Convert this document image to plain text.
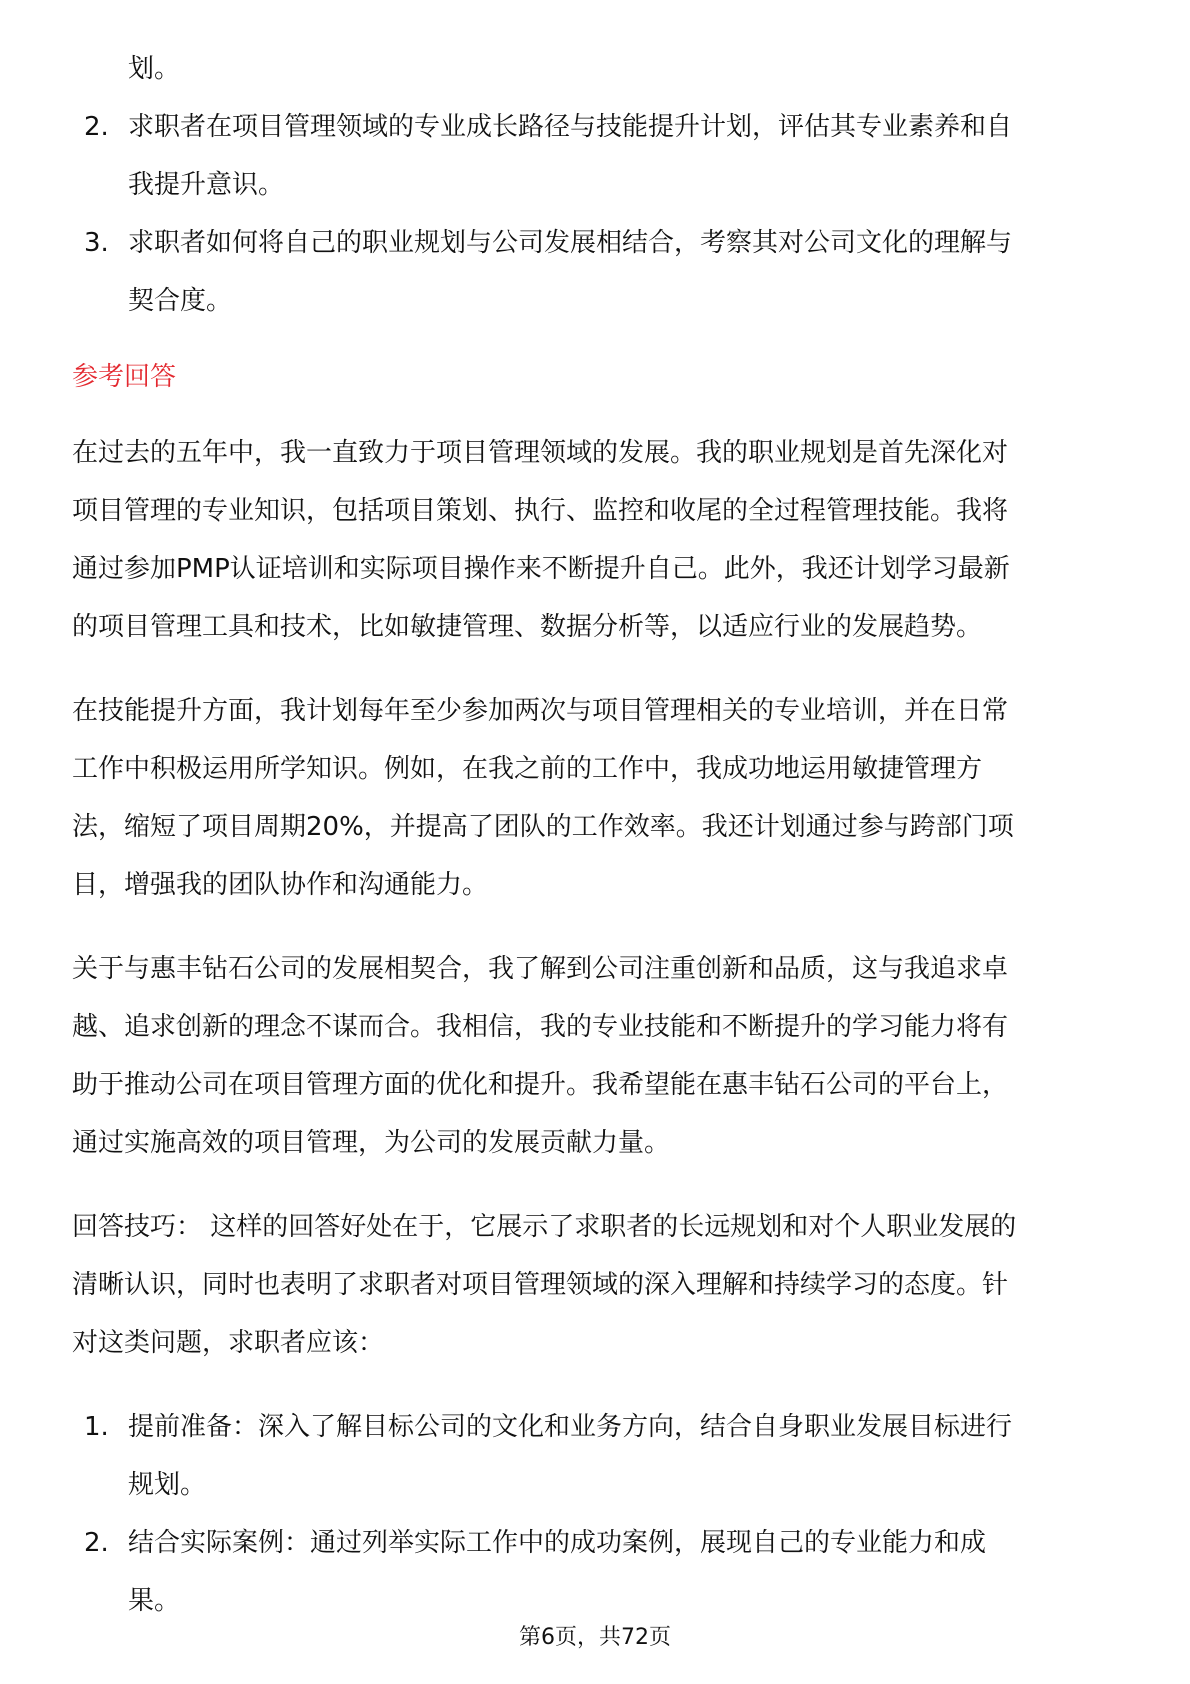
划。

2. 求职者在项目管理领域的专业成长路径与技能提升计划，评估其专业素养和自

我提升意识。

3. 求职者如何将自己的职业规划与公司发展相结合，考察其对公司文化的理解与

契合度。

参考回答

在过去的五年中，我一直致力于项目管理领域的发展。我的职业规划是首先深化对

项目管理的专业知识，包括项目策划、执行、监控和收尾的全过程管理技能。我将

通过参加PMP认证培训和实际项目操作来不断提升自己。此外，我还计划学习最新

的项目管理工具和技术，比如敏捷管理、数据分析等，以适应行业的发展趋势。

在技能提升方面，我计划每年至少参加两次与项目管理相关的专业培训，并在日常

工作中积极运用所学知识。例如，在我之前的工作中，我成功地运用敏捷管理方

法，缩短了项目周期20%，并提高了团队的工作效率。我还计划通过参与跨部门项

目，增强我的团队协作和沟通能力。

关于与惠丰钻石公司的发展相契合，我了解到公司注重创新和品质，这与我追求卓

越、追求创新的理念不谋而合。我相信，我的专业技能和不断提升的学习能力将有

助于推动公司在项目管理方面的优化和提升。我希望能在惠丰钻石公司的平台上，

通过实施高效的项目管理，为公司的发展贡献力量。

回答技巧： 这样的回答好处在于，它展示了求职者的长远规划和对个人职业发展的

清晰认识，同时也表明了求职者对项目管理领域的深入理解和持续学习的态度。针

对这类问题，求职者应该：

1. 提前准备：深入了解目标公司的文化和业务方向，结合自身职业发展目标进行

规划。

2. 结合实际案例：通过列举实际工作中的成功案例，展现自己的专业能力和成

果。

第6页，共72页
